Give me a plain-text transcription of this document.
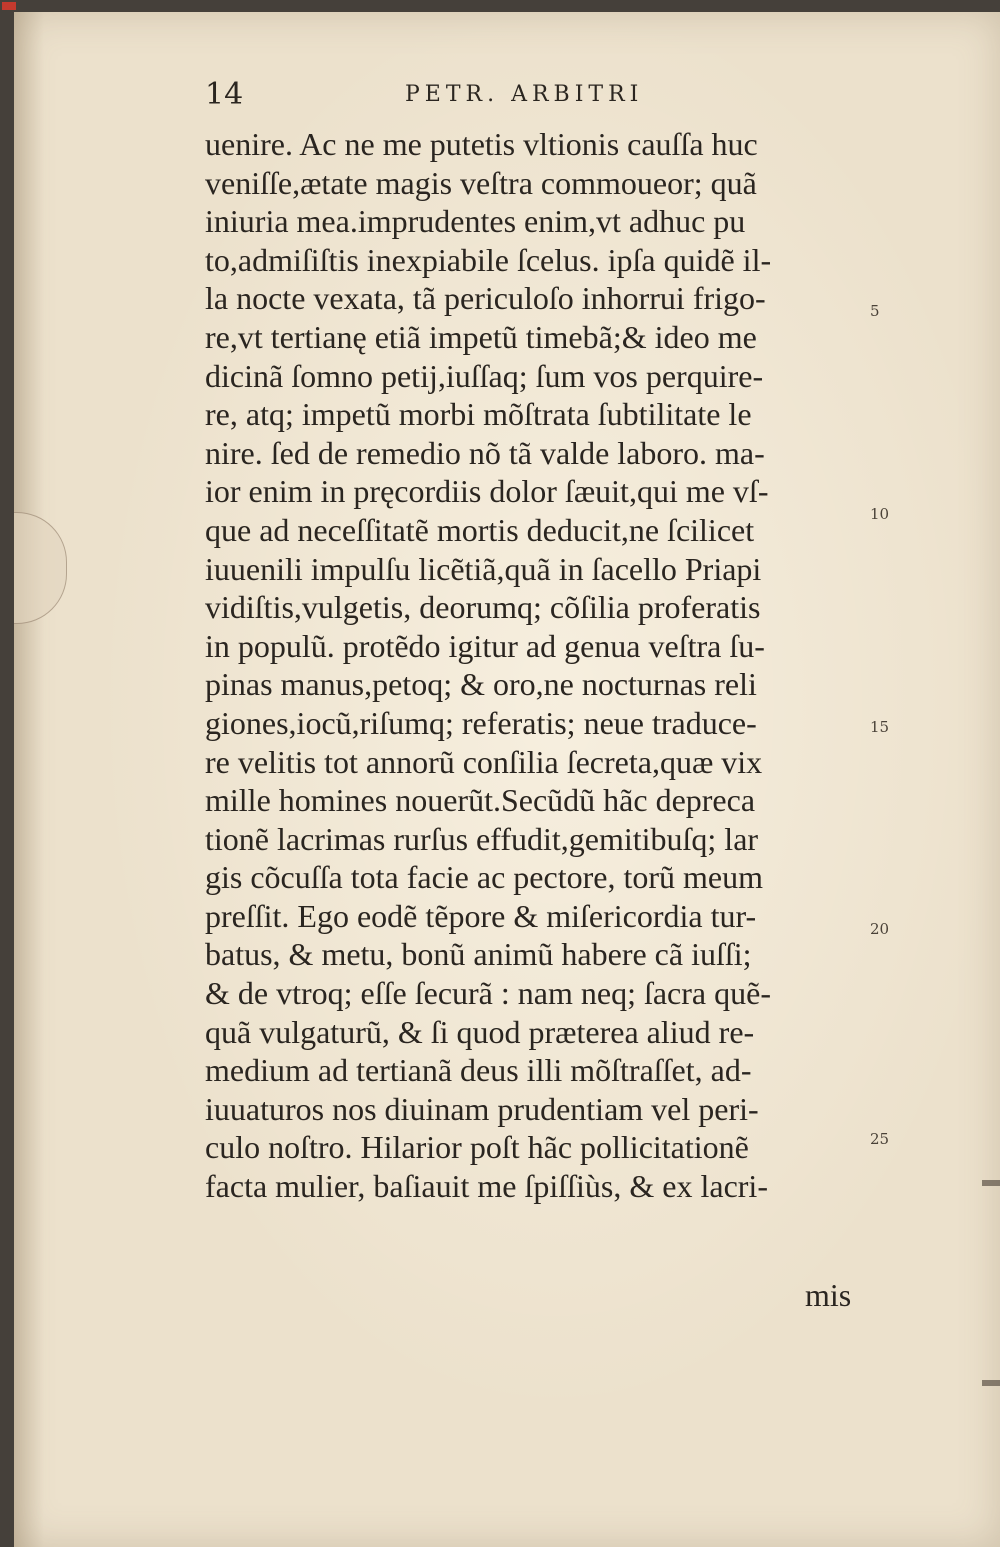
14	PETR. ARBITRI
uenire. Ac ne me putetis vltionis cauſſa huc
veniſſe,ætate magis veſtra commoueor; quã
iniuria mea.imprudentes enim,vt adhuc pu
to,admiſiſtis inexpiabile ſcelus. ipſa quidẽ il-
la nocte vexata, tã periculoſo inhorrui frigo-
re,vt tertianę etiã impetũ timebã;& ideo me
dicinã ſomno petij,iuſſaq; ſum vos perquire-
re, atq; impetũ morbi mõſtrata ſubtilitate le
nire. ſed de remedio nõ tã valde laboro. ma-
ior enim in pręcordiis dolor ſæuit,qui me vſ-
que ad neceſſitatẽ mortis deducit,ne ſcilicet
iuuenili impulſu licẽtiã,quã in ſacello Priapi
vidiſtis,vulgetis, deorumq; cõſilia proferatis
in populũ. protẽdo igitur ad genua veſtra ſu-
pinas manus,petoq; & oro,ne nocturnas reli
giones,iocũ,riſumq; referatis; neue traduce-
re velitis tot annorũ conſilia ſecreta,quæ vix
mille homines nouerũt.Secũdũ hãc depreca
tionẽ lacrimas rurſus effudit,gemitibuſq; lar
gis cõcuſſa tota facie ac pectore, torũ meum
preſſit. Ego eodẽ tẽpore & miſericordia tur-
batus, & metu, bonũ animũ habere cã iuſſi;
& de vtroq; eſſe ſecurã : nam neq; ſacra quẽ-
quã vulgaturũ, & ſi quod præterea aliud re-
medium ad tertianã deus illi mõſtraſſet, ad-
iuuaturos nos diuinam prudentiam vel peri-
culo noſtro. Hilarior poſt hãc pollicitationẽ
facta mulier, baſiauit me ſpiſſiùs, & ex lacri-
mis
5
10
15
20
25
